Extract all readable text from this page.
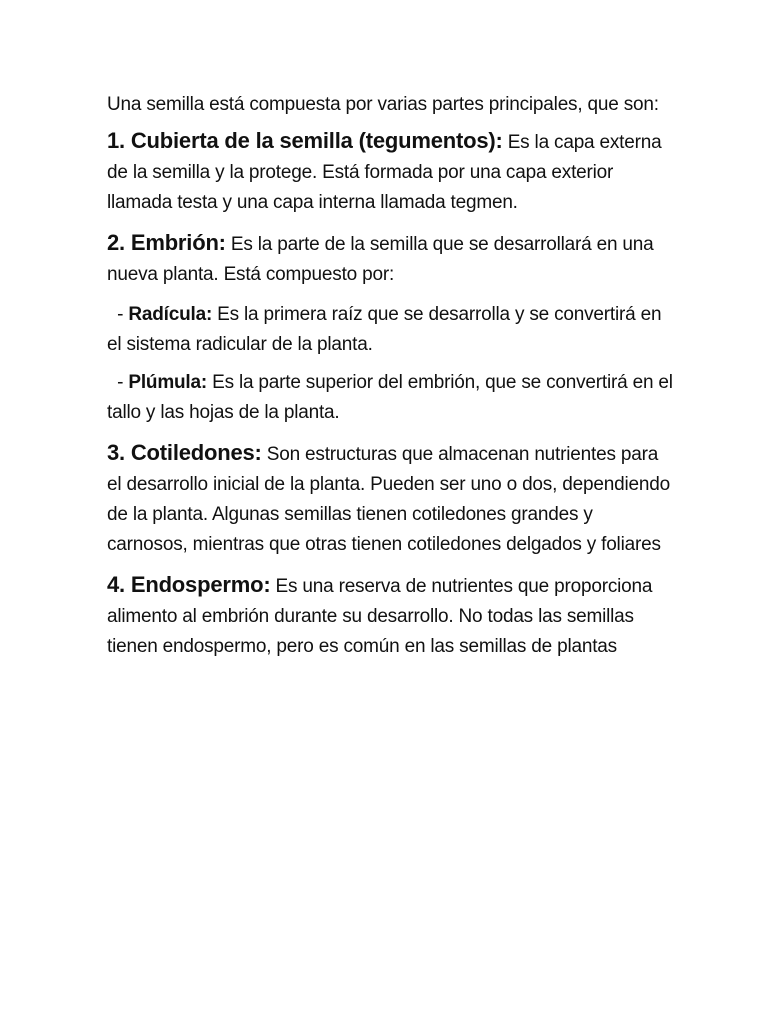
Una semilla está compuesta por varias partes principales, que son:

1. Cubierta de la semilla (tegumentos): Es la capa externa de la semilla y la protege. Está formada por una capa exterior llamada testa y una capa interna llamada tegmen.

2. Embrión: Es la parte de la semilla que se desarrollará en una nueva planta. Está compuesto por:

- Radícula: Es la primera raíz que se desarrolla y se convertirá en el sistema radicular de la planta.

- Plúmula: Es la parte superior del embrión, que se convertirá en el tallo y las hojas de la planta.

3. Cotiledones: Son estructuras que almacenan nutrientes para el desarrollo inicial de la planta. Pueden ser uno o dos, dependiendo de la planta. Algunas semillas tienen cotiledones grandes y carnosos, mientras que otras tienen cotiledones delgados y foliares

4. Endospermo: Es una reserva de nutrientes que proporciona alimento al embrión durante su desarrollo. No todas las semillas tienen endospermo, pero es común en las semillas de plantas
